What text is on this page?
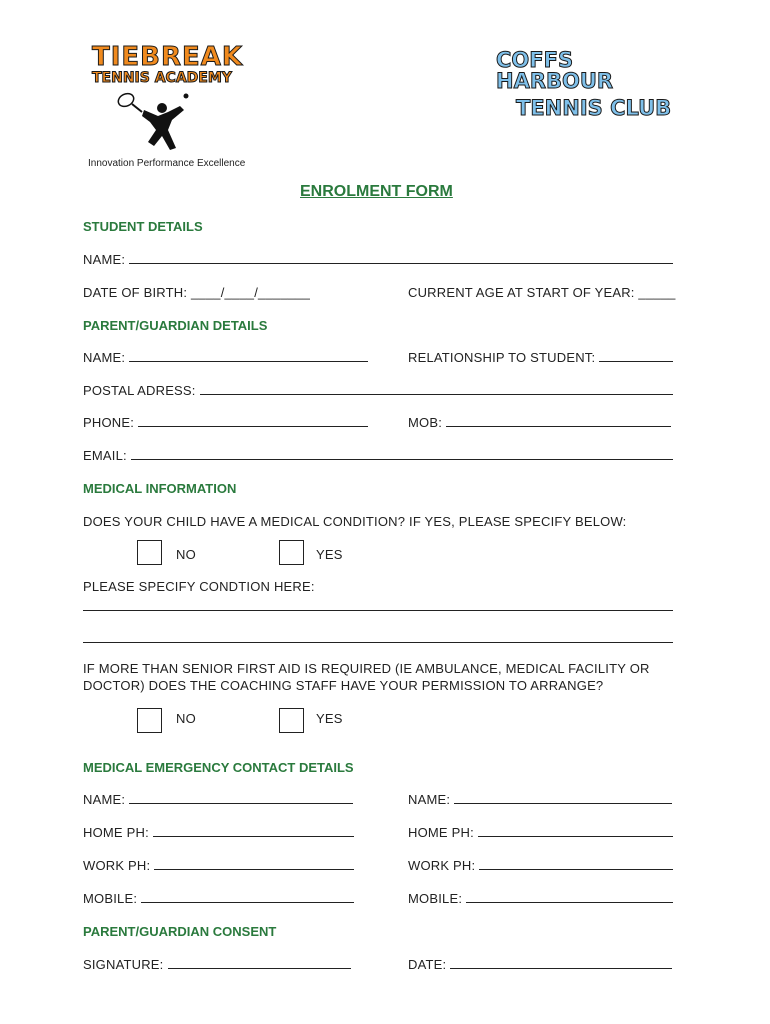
TIEBREAK
TENNIS ACADEMY
Innovation Performance Excellence
COFFS HARBOUR
TENNIS CLUB
ENROLMENT FORM
STUDENT DETAILS
NAME:
DATE OF BIRTH: ____/____/_______	CURRENT AGE AT START OF YEAR: _____
PARENT/GUARDIAN DETAILS
NAME:	RELATIONSHIP TO STUDENT:
POSTAL ADRESS:
PHONE:	MOB:
EMAIL:
MEDICAL INFORMATION
DOES YOUR CHILD HAVE A MEDICAL CONDITION? IF YES, PLEASE SPECIFY BELOW:
NO	YES
PLEASE SPECIFY CONDTION HERE:
IF MORE THAN SENIOR FIRST AID IS REQUIRED (IE AMBULANCE, MEDICAL FACILITY OR
DOCTOR) DOES THE COACHING STAFF HAVE YOUR PERMISSION TO ARRANGE?
NO	YES
MEDICAL EMERGENCY CONTACT DETAILS
NAME:	NAME:
HOME PH:	HOME PH:
WORK PH:	WORK PH:
MOBILE:	MOBILE:
PARENT/GUARDIAN CONSENT
SIGNATURE:	DATE:
